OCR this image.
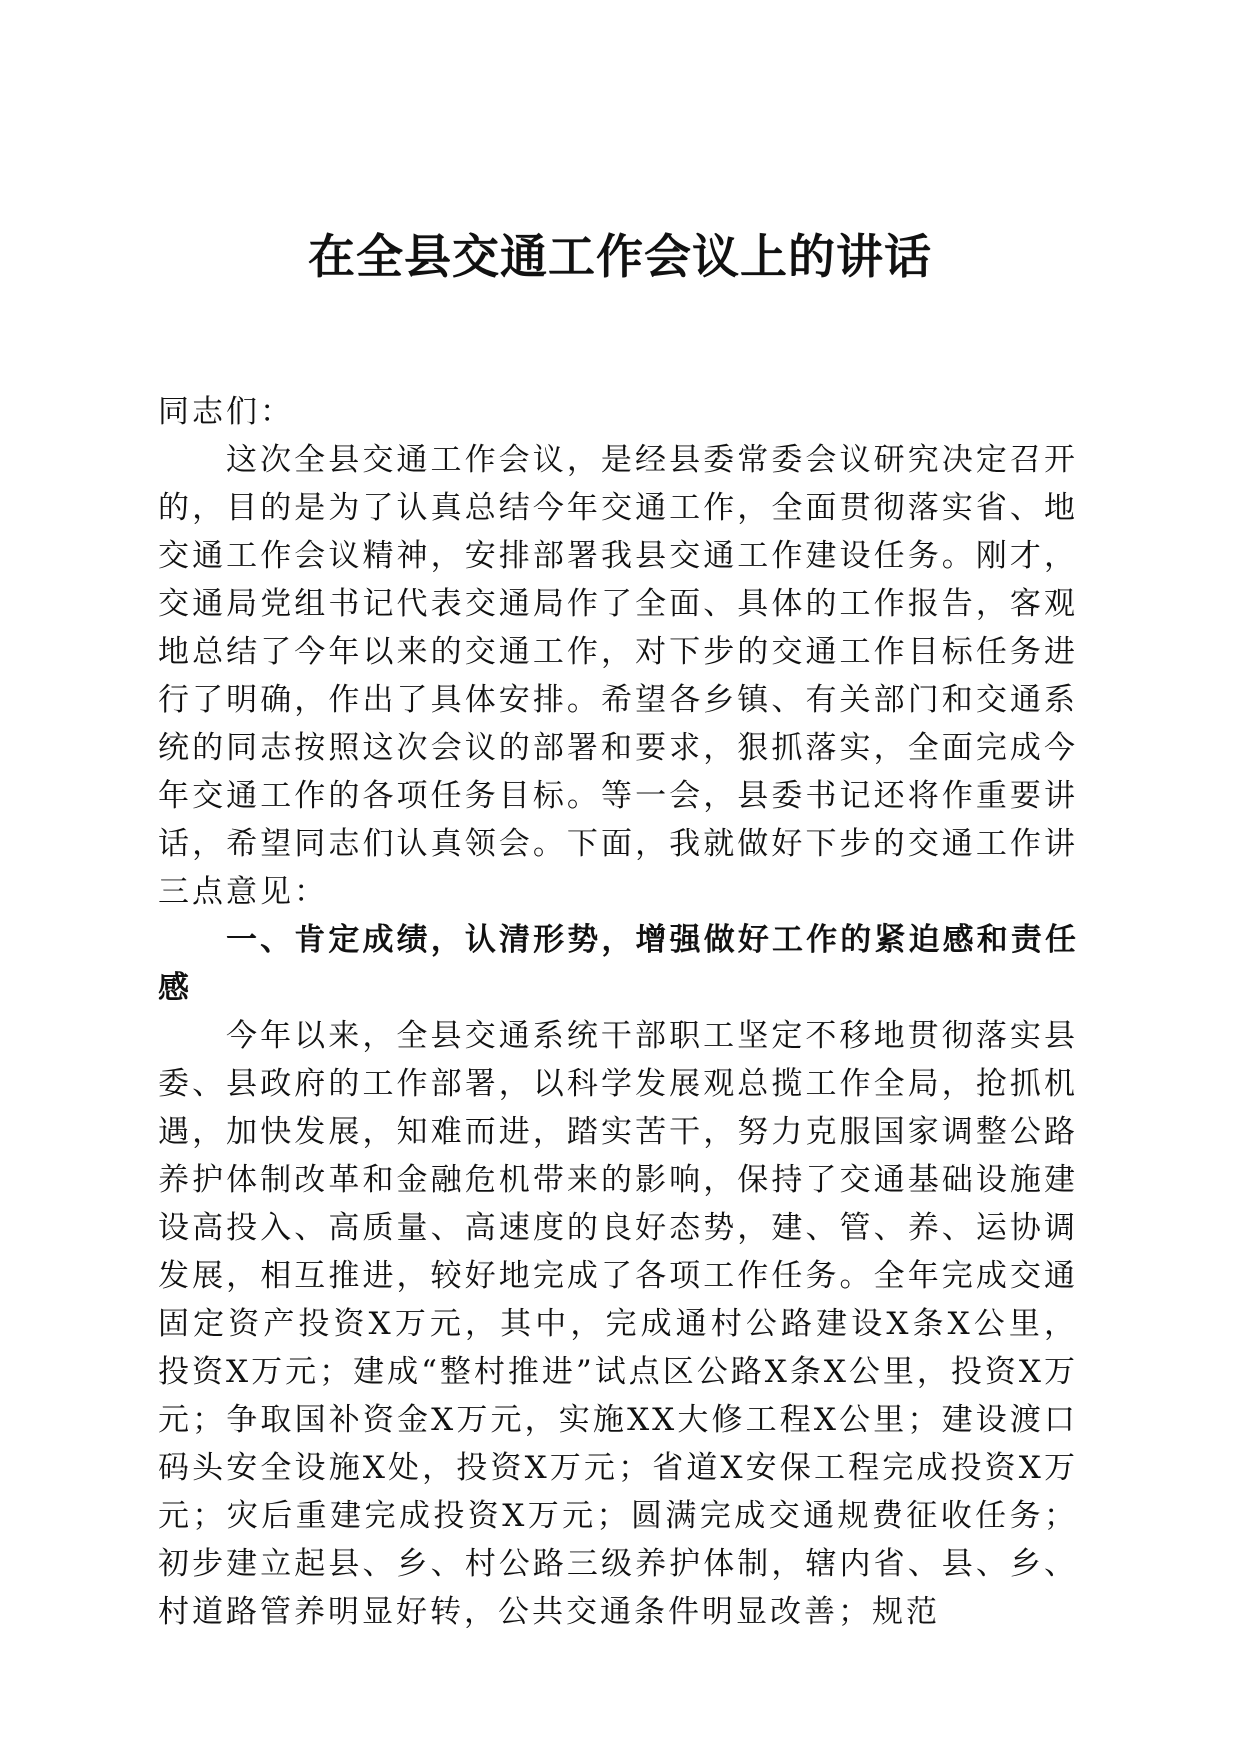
在全县交通工作会议上的讲话

同志们：

这次全县交通工作会议，是经县委常委会议研究决定召开的，目的是为了认真总结今年交通工作，全面贯彻落实省、地交通工作会议精神，安排部署我县交通工作建设任务。刚才，交通局党组书记代表交通局作了全面、具体的工作报告，客观地总结了今年以来的交通工作，对下步的交通工作目标任务进行了明确，作出了具体安排。希望各乡镇、有关部门和交通系统的同志按照这次会议的部署和要求，狠抓落实，全面完成今年交通工作的各项任务目标。等一会，县委书记还将作重要讲话，希望同志们认真领会。下面，我就做好下步的交通工作讲三点意见：

一、肯定成绩，认清形势，增强做好工作的紧迫感和责任感

今年以来，全县交通系统干部职工坚定不移地贯彻落实县委、县政府的工作部署，以科学发展观总揽工作全局，抢抓机遇，加快发展，知难而进，踏实苦干，努力克服国家调整公路养护体制改革和金融危机带来的影响，保持了交通基础设施建设高投入、高质量、高速度的良好态势，建、管、养、运协调发展，相互推进，较好地完成了各项工作任务。全年完成交通固定资产投资X万元，其中，完成通村公路建设X条X公里，投资X万元；建成“整村推进”试点区公路X条X公里，投资X万元；争取国补资金X万元，实施XX大修工程X公里；建设渡口码头安全设施X处，投资X万元；省道X安保工程完成投资X万元；灾后重建完成投资X万元；圆满完成交通规费征收任务；初步建立起县、乡、村公路三级养护体制，辖内省、县、乡、村道路管养明显好转，公共交通条件明显改善；规范
